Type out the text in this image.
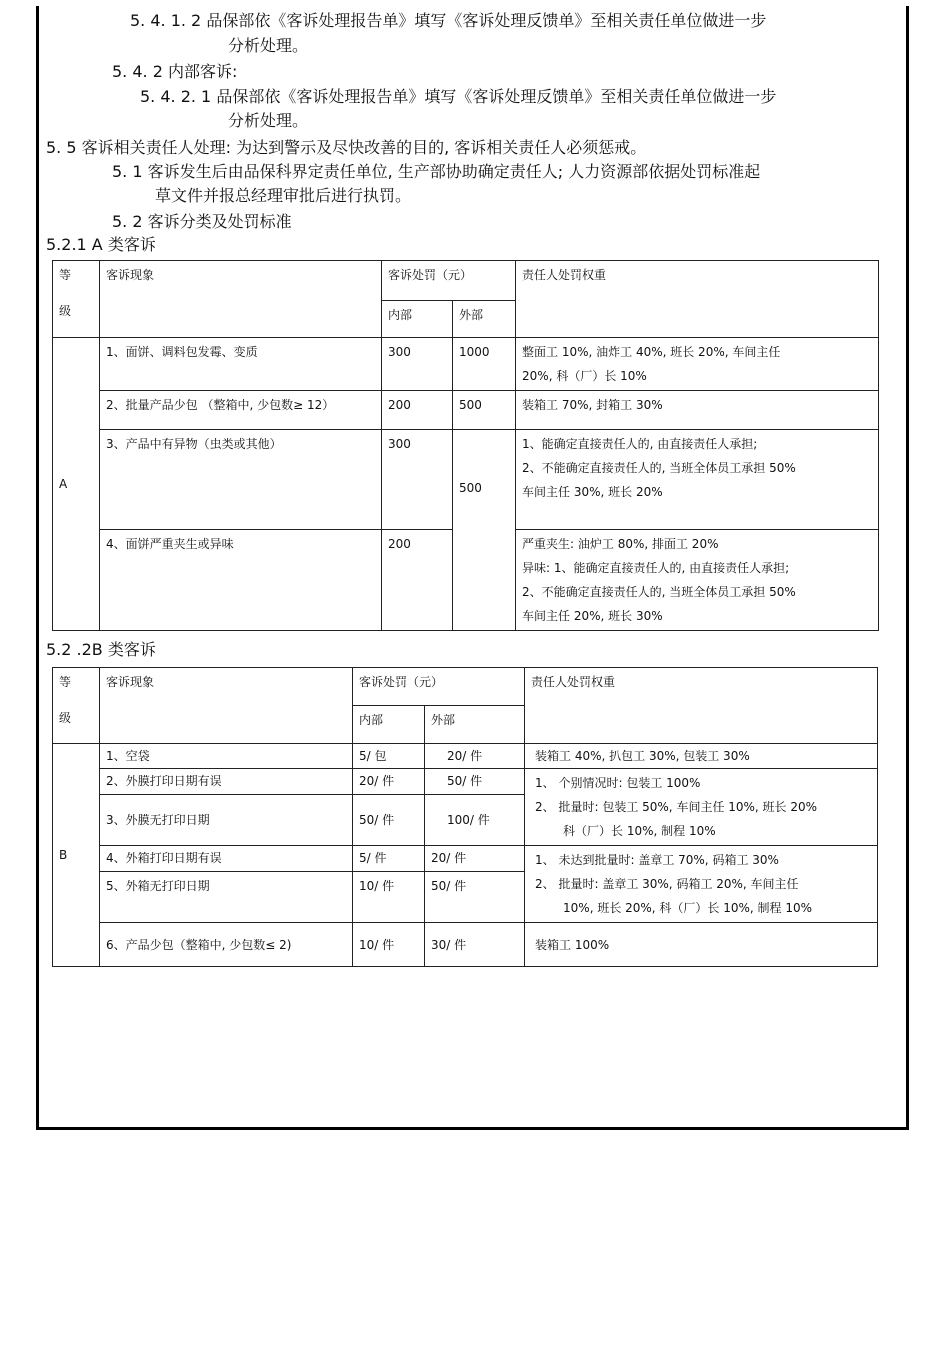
5. 4. 1. 2 品保部依《客诉处理报告单》填写《客诉处理反馈单》至相关责任单位做进一步
分析处理。
5. 4. 2 内部客诉:
5. 4. 2. 1 品保部依《客诉处理报告单》填写《客诉处理反馈单》至相关责任单位做进一步
分析处理。
5. 5 客诉相关责任人处理: 为达到警示及尽快改善的目的, 客诉相关责任人必须惩戒。
5. 1 客诉发生后由品保科界定责任单位, 生产部协助确定责任人; 人力资源部依据处罚标准起
草文件并报总经理审批后进行执罚。
5. 2 客诉分类及处罚标准
5.2.1 A 类客诉
等
级	客诉现象	客诉处罚（元）		责任人处罚权重
		内部	外部	
A	1、面饼、调料包发霉、变质	300	1000	整面工 10%, 油炸工 40%, 班长 20%, 车间主任
20%, 科（厂）长 10%

	2、批量产品少包 （整箱中, 少包数≥ 12）	200	500	装箱工 70%, 封箱工 30%

	3、产品中有异物（虫类或其他）	300	500	1、能确定直接责任人的, 由直接责任人承担;
2、不能确定直接责任人的, 当班全体员工承担 50%
车间主任 30%, 班长 20%

	4、面饼严重夹生或异味	200		严重夹生: 油炉工 80%, 排面工 20%
异味: 1、能确定直接责任人的, 由直接责任人承担;
2、不能确定直接责任人的, 当班全体员工承担 50%
车间主任 20%, 班长 30%
5.2 .2B 类客诉
等
级	客诉现象	客诉处罚（元）		责任人处罚权重
		内部	外部	
B	1、空袋	5/ 包	20/ 件	装箱工 40%, 扒包工 30%, 包装工 30%

	2、外膜打印日期有误	20/ 件	50/ 件	1、 个别情况时: 包装工 100%
2、 批量时: 包装工 50%, 车间主任 10%, 班长 20%
科（厂）长 10%, 制程 10%

	3、外膜无打印日期	50/ 件	100/ 件	
	4、外箱打印日期有误	5/ 件	20/ 件	1、 未达到批量时: 盖章工 70%, 码箱工 30%
2、 批量时: 盖章工 30%, 码箱工 20%, 车间主任
10%, 班长 20%, 科（厂）长 10%, 制程 10%

	5、外箱无打印日期	10/ 件	50/ 件	
	6、产品少包（整箱中, 少包数≤ 2)	10/ 件	30/ 件	装箱工 100%
